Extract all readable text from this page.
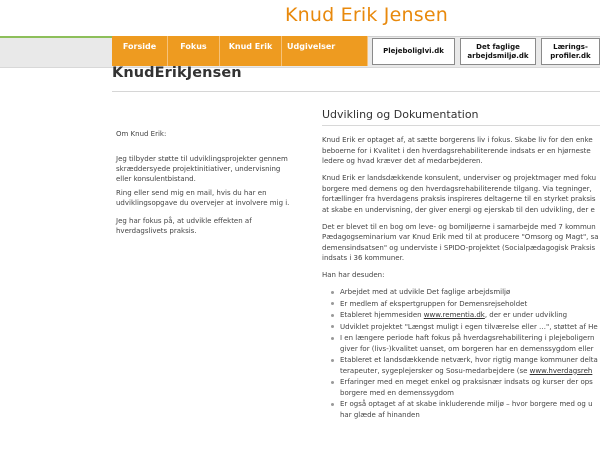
Knud Erik Jensen
Forside	Fokus	Knud Erik	Udgivelser
Plejeboliglvi.dk
Det faglige arbejdsmiljø.dk
Lærings-profiler.dk
KnudErikJensen

Om Knud Erik:

Jeg tilbyder støtte til udviklingsprojekter gennem skræddersyede projektinitiativer, undervisning eller konsulentbistand.

Ring eller send mig en mail, hvis du har en udviklingsopgave du overvejer at involvere mig i.

Jeg har fokus på, at udvikle effekten af hverdagslivets praksis.

Udvikling og Dokumentation

Knud Erik er optaget af, at sætte borgerens liv i fokus. Skabe liv for den enke
beboerne for i Kvalitet i den hverdagsrehabiliterende indsats er en hjørneste
ledere og hvad kræver det af medarbejderen.

Knud Erik er landsdækkende konsulent, underviser og projektmager med foku
borgere med demens og den hverdagsrehabiliterende tilgang. Via tegninger,
fortællinger fra hverdagens praksis inspireres deltagerne til en styrket praksis
at skabe en undervisning, der giver energi og ejerskab til den udvikling, der e

Det er blevet til en bog om leve- og bomiljøerne i samarbejde med 7 kommun
Pædagogseminarium var Knud Erik med til at producere "Omsorg og Magt", sa
demensindsatsen" og underviste i SPIDO-projektet (Socialpædagogisk Praksis
indsats i 36 kommuner.

Han har desuden:

Arbejdet med at udvikle Det faglige arbejdsmiljø
Er medlem af ekspertgruppen for Demensrejseholdet
Etableret hjemmesiden www.rementia.dk, der er under udvikling
Udviklet projektet "Længst muligt i egen tilværelse eller …", støttet af He
I en længere periode haft fokus på hverdagsrehabilitering i plejeboligern
giver for (livs-)kvalitet uanset, om borgeren har en demenssygdom eller
Etableret et landsdækkende netværk, hvor rigtig mange kommuner delta
terapeuter, sygeplejersker og Sosu-medarbejdere (se www.hverdagsreh
Erfaringer med en meget enkel og praksisnær indsats og kurser der ops
borgere med en demenssygdom
Er også optaget af at skabe inkluderende miljø – hvor borgere med og u
har glæde af hinanden
